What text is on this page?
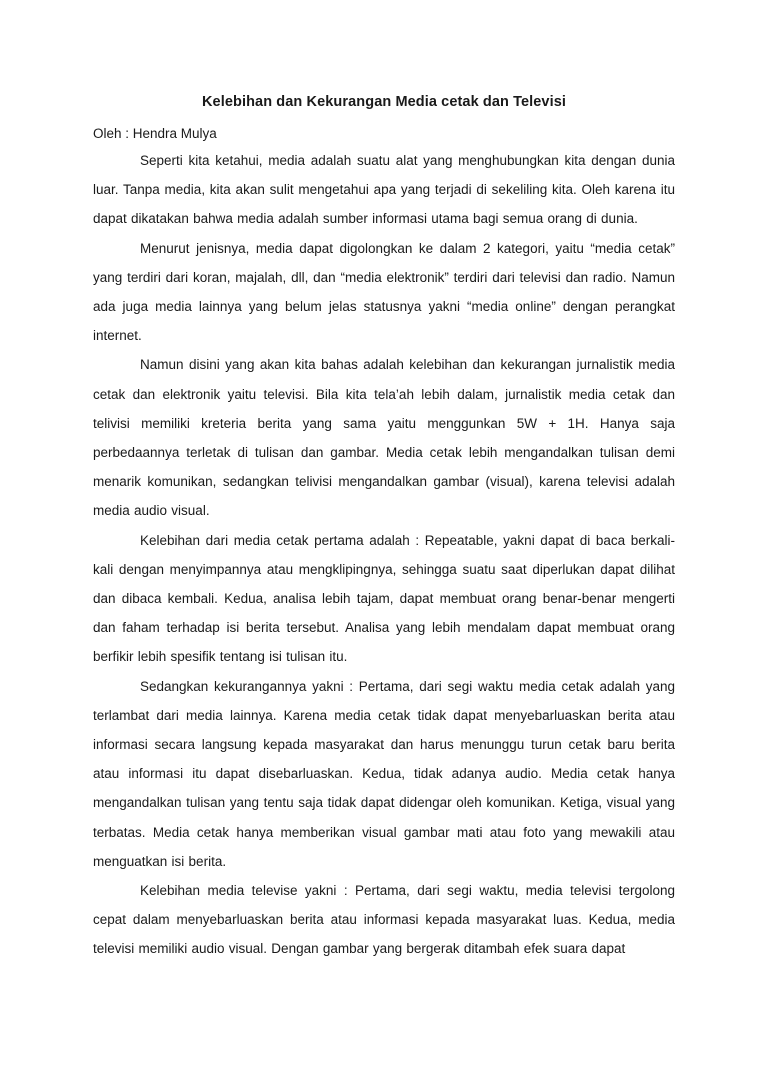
Kelebihan dan Kekurangan Media cetak dan Televisi
Oleh : Hendra Mulya

Seperti kita ketahui, media adalah suatu alat yang menghubungkan kita dengan dunia luar. Tanpa media, kita akan sulit mengetahui apa yang terjadi di sekeliling kita. Oleh karena itu dapat dikatakan bahwa media adalah sumber informasi utama bagi semua orang di dunia.

Menurut jenisnya, media dapat digolongkan ke dalam 2 kategori, yaitu “media cetak” yang terdiri dari koran, majalah, dll, dan “media elektronik” terdiri dari televisi dan radio. Namun ada juga media lainnya yang belum jelas statusnya yakni “media online” dengan perangkat internet.

Namun disini yang akan kita bahas adalah kelebihan dan kekurangan jurnalistik media cetak dan elektronik yaitu televisi. Bila kita tela’ah lebih dalam, jurnalistik media cetak dan telivisi memiliki kreteria berita yang sama yaitu menggunkan 5W + 1H. Hanya saja perbedaannya terletak di tulisan dan gambar. Media cetak lebih mengandalkan tulisan demi menarik komunikan, sedangkan telivisi mengandalkan gambar (visual), karena televisi adalah media audio visual.

Kelebihan dari media cetak pertama adalah : Repeatable, yakni dapat di baca berkali-kali dengan menyimpannya atau mengklipingnya, sehingga suatu saat diperlukan dapat dilihat dan dibaca kembali. Kedua, analisa lebih tajam, dapat membuat orang benar-benar mengerti dan faham terhadap isi berita tersebut. Analisa yang lebih mendalam dapat membuat orang berfikir lebih spesifik tentang isi tulisan itu.

Sedangkan kekurangannya yakni : Pertama, dari segi waktu media cetak adalah yang terlambat dari media lainnya. Karena media cetak tidak dapat menyebarluaskan berita atau informasi secara langsung kepada masyarakat dan harus menunggu turun cetak baru berita atau informasi itu dapat disebarluaskan. Kedua, tidak adanya audio. Media cetak hanya mengandalkan tulisan yang tentu saja tidak dapat didengar oleh komunikan. Ketiga, visual yang terbatas. Media cetak hanya memberikan visual gambar mati atau foto yang mewakili atau menguatkan isi berita.

Kelebihan media televise yakni : Pertama, dari segi waktu, media televisi tergolong cepat dalam menyebarluaskan berita atau informasi kepada masyarakat luas. Kedua, media televisi memiliki audio visual. Dengan gambar yang bergerak ditambah efek suara dapat
